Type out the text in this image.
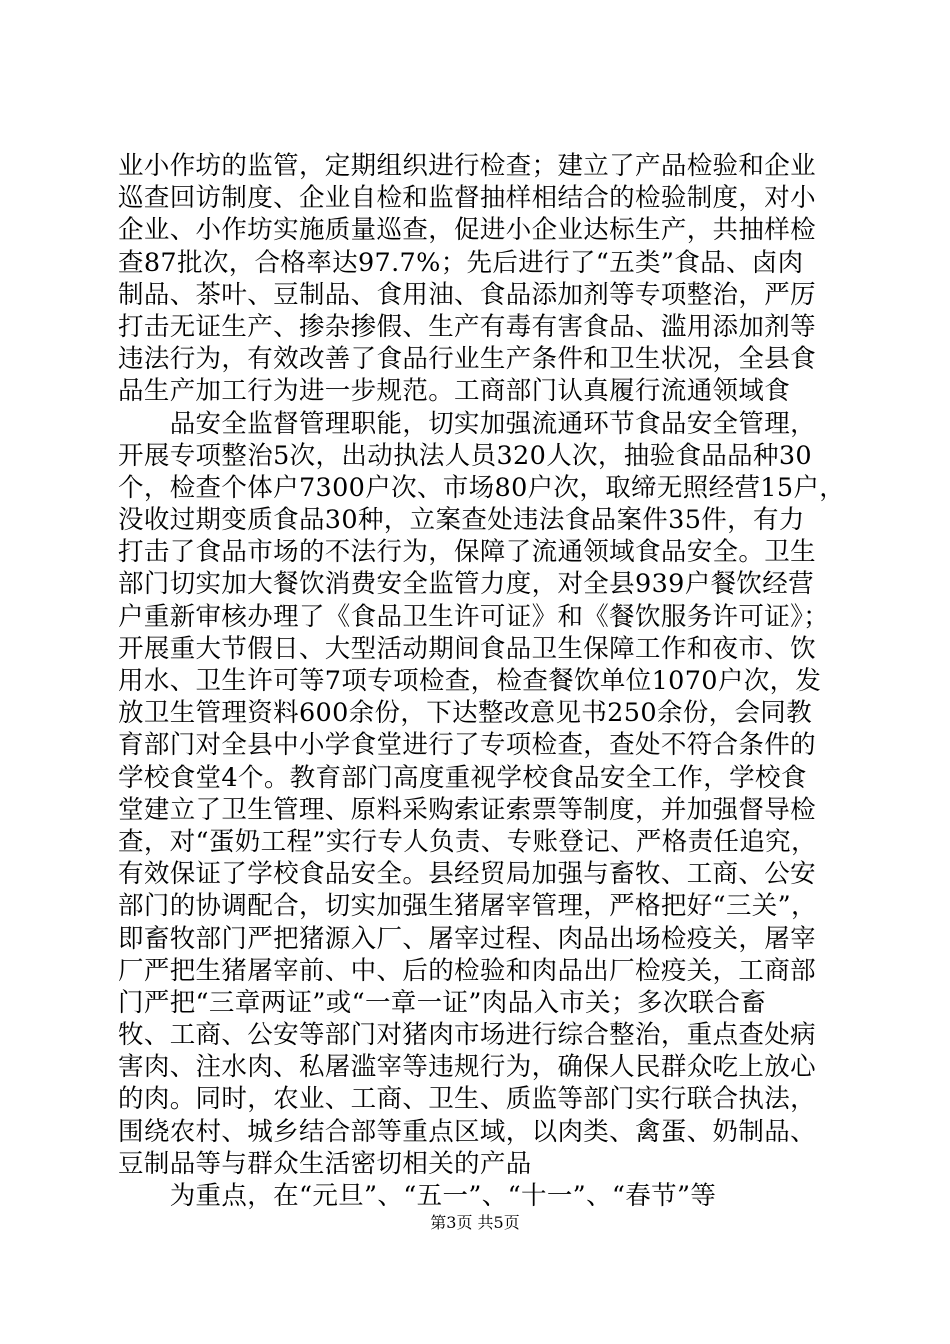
业小作坊的监管，定期组织进行检查；建立了产品检验和企业
巡查回访制度、企业自检和监督抽样相结合的检验制度，对小
企业、小作坊实施质量巡查，促进小企业达标生产，共抽样检
查87批次，合格率达97.7%；先后进行了“五类”食品、卤肉
制品、茶叶、豆制品、食用油、食品添加剂等专项整治，严厉
打击无证生产、掺杂掺假、生产有毒有害食品、滥用添加剂等
违法行为，有效改善了食品行业生产条件和卫生状况，全县食
品生产加工行为进一步规范。工商部门认真履行流通领域食
　　品安全监督管理职能，切实加强流通环节食品安全管理，
开展专项整治5次，出动执法人员320人次，抽验食品品种30
个，检查个体户7300户次、市场80户次，取缔无照经营15户，
没收过期变质食品30种，立案查处违法食品案件35件，有力
打击了食品市场的不法行为，保障了流通领域食品安全。卫生
部门切实加大餐饮消费安全监管力度，对全县939户餐饮经营
户重新审核办理了《食品卫生许可证》和《餐饮服务许可证》；
开展重大节假日、大型活动期间食品卫生保障工作和夜市、饮
用水、卫生许可等7项专项检查，检查餐饮单位1070户次，发
放卫生管理资料600余份，下达整改意见书250余份，会同教
育部门对全县中小学食堂进行了专项检查，查处不符合条件的
学校食堂4个。教育部门高度重视学校食品安全工作，学校食
堂建立了卫生管理、原料采购索证索票等制度，并加强督导检
查，对“蛋奶工程”实行专人负责、专账登记、严格责任追究，
有效保证了学校食品安全。县经贸局加强与畜牧、工商、公安
部门的协调配合，切实加强生猪屠宰管理，严格把好“三关”，
即畜牧部门严把猪源入厂、屠宰过程、肉品出场检疫关，屠宰
厂严把生猪屠宰前、中、后的检验和肉品出厂检疫关，工商部
门严把“三章两证”或“一章一证”肉品入市关；多次联合畜
牧、工商、公安等部门对猪肉市场进行综合整治，重点查处病
害肉、注水肉、私屠滥宰等违规行为，确保人民群众吃上放心
的肉。同时，农业、工商、卫生、质监等部门实行联合执法，
围绕农村、城乡结合部等重点区域，以肉类、禽蛋、奶制品、
豆制品等与群众生活密切相关的产品
　　为重点，在“元旦”、“五一”、“十一”、“春节”等
第3页 共5页
